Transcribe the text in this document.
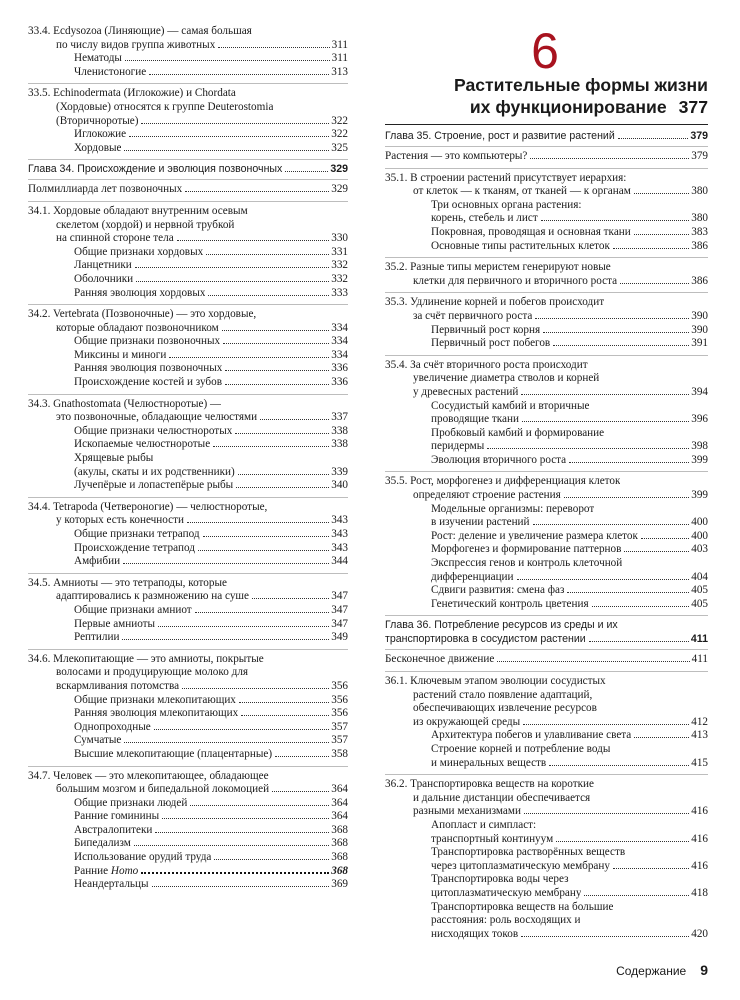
33.4. Ecdysozoa (Линяющие) — самая большая
по числу видов группа животных	311
Нематоды	311
Членистоногие	313
33.5. Echinodermata (Иглокожие) и Chordata
(Хордовые) относятся к группе Deuterostomia
(Вторичноротые)	322
Иглокожие	322
Хордовые	325
Глава 34. Происхождение и эволюция позвоночных	329
Полмиллиарда лет позвоночных	329
34.1. Хордовые обладают внутренним осевым
скелетом (хордой) и нервной трубкой
на спинной стороне тела	330
Общие признаки хордовых	331
Ланцетники	332
Оболочники	332
Ранняя эволюция хордовых	333
34.2. Vertebrata (Позвоночные) — это хордовые,
которые обладают позвоночником	334
Общие признаки позвоночных	334
Миксины и миноги	334
Ранняя эволюция позвоночных	336
Происхождение костей и зубов	336
34.3. Gnathostomata (Челюстноротые) —
это позвоночные, обладающие челюстями	337
Общие признаки челюстноротых	338
Ископаемые челюстноротые	338
Хрящевые рыбы
(акулы, скаты и их родственники)	339
Лучепёрые и лопастепёрые рыбы	340
34.4. Tetrapoda (Четвероногие) — челюстноротые,
у которых есть конечности	343
Общие признаки тетрапод	343
Происхождение тетрапод	343
Амфибии	344
34.5. Амниоты — это тетраподы, которые
адаптировались к размножению на суше	347
Общие признаки амниот	347
Первые амниоты	347
Рептилии	349
34.6. Млекопитающие — это амниоты, покрытые
волосами и продуцирующие молоко для
вскармливания потомства	356
Общие признаки млекопитающих	356
Ранняя эволюция млекопитающих	356
Однопроходные	357
Сумчатые	357
Высшие млекопитающие (плацентарные)	358
34.7. Человек — это млекопитающее, обладающее
большим мозгом и бипедальной локомоцией	364
Общие признаки людей	364
Ранние гоминины	364
Австралопитеки	368
Бипедализм	368
Использование орудий труда	368
Ранние Homo	368
Неандертальцы	369
6
Растительные формы жизни
их функционирование 377
Глава 35. Строение, рост и развитие растений	379
Растения — это компьютеры?	379
35.1. В строении растений присутствует иерархия:
от клеток — к тканям, от тканей — к органам	380
Три основных органа растения:
корень, стебель и лист	380
Покровная, проводящая и основная ткани	383
Основные типы растительных клеток	386
35.2. Разные типы меристем генерируют новые
клетки для первичного и вторичного роста	386
35.3. Удлинение корней и побегов происходит
за счёт первичного роста	390
Первичный рост корня	390
Первичный рост побегов	391
35.4. За счёт вторичного роста происходит
увеличение диаметра стволов и корней
у древесных растений	394
Сосудистый камбий и вторичные
проводящие ткани	396
Пробковый камбий и формирование
перидермы	398
Эволюция вторичного роста	399
35.5. Рост, морфогенез и дифференциация клеток
определяют строение растения	399
Модельные организмы: переворот
в изучении растений	400
Рост: деление и увеличение размера клеток	400
Морфогенез и формирование паттернов	403
Экспрессия генов и контроль клеточной
дифференциации	404
Сдвиги развития: смена фаз	405
Генетический контроль цветения	405
Глава 36. Потребление ресурсов из среды и их
транспортировка в сосудистом растении	411
Бесконечное движение	411
36.1. Ключевым этапом эволюции сосудистых
растений стало появление адаптаций,
обеспечивающих извлечение ресурсов
из окружающей среды	412
Архитектура побегов и улавливание света	413
Строение корней и потребление воды
и минеральных веществ	415
36.2. Транспортировка веществ на короткие
и дальние дистанции обеспечивается
разными механизмами	416
Апопласт и симпласт:
транспортный континуум	416
Транспортировка растворённых веществ
через цитоплазматическую мембрану	416
Транспортировка воды через
цитоплазматическую мембрану	418
Транспортировка веществ на большие
расстояния: роль восходящих и
нисходящих токов	420
Содержание 9
